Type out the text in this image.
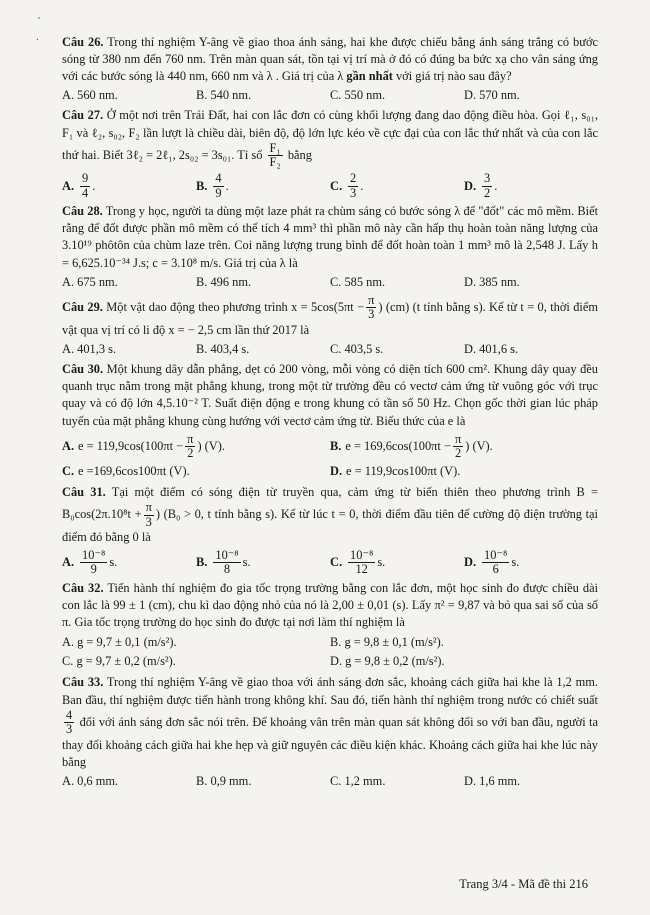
'
. Câu 26. Trong thí nghiệm Y-âng về giao thoa ánh sáng, hai khe được chiếu bằng ánh sáng trắng có bước sóng từ 380 nm đến 760 nm. Trên màn quan sát, tồn tại vị trí mà ở đó có đúng ba bức xạ cho vân sáng ứng với các bước sóng là 440 nm, 660 nm và λ . Giá trị của λ gần nhất với giá trị nào sau đây?

A. 560 nm.	B. 540 nm.	C. 550 nm.	D. 570 nm.

Câu 27. Ở một nơi trên Trái Đất, hai con lắc đơn có cùng khối lượng đang dao động điều hòa. Gọi ℓ₁, s₀₁, F₁ và ℓ₂, s₀₂, F₂ lần lượt là chiều dài, biên độ, độ lớn lực kéo về cực đại của con lắc thứ nhất và của con lắc thứ hai. Biết 3ℓ₂ = 2ℓ₁, 2s₀₂ = 3s₀₁. Tỉ số $\frac{\text{F₁}}{\text{F₂}}$ bằng

A. $\frac{9}{4}$ .	B. $\frac{4}{9}$ .	C. $\frac{2}{3}$ .	D. $\frac{3}{2}$ .

Câu 28. Trong y học, người ta dùng một laze phát ra chùm sáng có bước sóng λ để "đốt" các mô mềm. Biết rằng để đốt được phần mô mềm có thể tích 4 mm³ thì phần mô này cần hấp thụ hoàn toàn năng lượng của 3.10¹⁹ phôtôn của chùm laze trên. Coi năng lượng trung bình để đốt hoàn toàn 1 mm³ mô là 2,548 J. Lấy h = 6,625.10⁻³⁴ J.s; c = 3.10⁸ m/s. Giá trị của λ là

A. 675 nm.	B. 496 nm.	C. 585 nm.	D. 385 nm.

Câu 29. Một vật dao động theo phương trình $x = 5\cos(5\pi t - \frac{\pi}{3}$ ) (cm) (t tính bằng s). Kể từ t = 0, thời điểm vật qua vị trí có li độ x = − 2,5 cm lần thứ 2017 là

A. 401,3 s.	B. 403,4 s.	C. 403,5 s.	D. 401,6 s.

Câu 30. Một khung dây dẫn phẳng, dẹt có 200 vòng, mỗi vòng có diện tích 600 cm². Khung dây quay đều quanh trục nằm trong mặt phẳng khung, trong một từ trường đều có vectơ cảm ứng từ vuông góc với trục quay và có độ lớn 4,5.10⁻² T. Suất điện động e trong khung có tần số 50 Hz. Chọn gốc thời gian lúc pháp tuyến của mặt phẳng khung cùng hướng với vectơ cảm ứng từ. Biểu thức của e là

A. $e = 119,9\cos(100\pi t - \frac{\pi}{2}$ ) (V).	B. $e = 169,6\cos(100\pi t - \frac{\pi}{2}$ ) (V).
C. e =169,6cos100πt (V).	D. e = 119,9cos100πt (V).

Câu 31. Tại một điểm có sóng điện từ truyền qua, cảm ứng từ biến thiên theo phương trình $B = B_0\cos(2\pi.10^8t + \frac{\pi}{3}$ ) (B₀ > 0, t tính bằng s). Kể từ lúc t = 0, thời điểm đầu tiên để cường độ điện trường tại điểm đó bằng 0 là

A. $\frac{\text{10⁻⁸}}{9} s$.	B. $\frac{\text{10⁻⁸}}{8} s$.	C. $\frac{\text{10⁻⁸}}{12} s$.	D. $\frac{\text{10⁻⁸}}{6} s$.

Câu 32. Tiến hành thí nghiệm đo gia tốc trọng trường bằng con lắc đơn, một học sinh đo được chiều dài con lắc là 99 ± 1 (cm), chu kì dao động nhỏ của nó là 2,00 ± 0,01 (s). Lấy π² = 9,87 và bỏ qua sai số của số π. Gia tốc trọng trường do học sinh đo được tại nơi làm thí nghiệm là

A. g = 9,7 ± 0,1 (m/s²).	B. g = 9,8 ± 0,1 (m/s²).
C. g = 9,7 ± 0,2 (m/s²).	D. g = 9,8 ± 0,2 (m/s²).

Câu 33. Trong thí nghiệm Y-âng về giao thoa với ánh sáng đơn sắc, khoảng cách giữa hai khe là 1,2 mm. Ban đầu, thí nghiệm được tiến hành trong không khí. Sau đó, tiến hành thí nghiệm trong nước có chiết suất
$\frac{4}{3}$ đối với ánh sáng đơn sắc nói trên. Để khoảng vân trên màn quan sát không đổi so với ban đầu, người ta thay đổi khoảng cách giữa hai khe hẹp và giữ nguyên các điều kiện khác. Khoảng cách giữa hai khe lúc này bằng

A. 0,6 mm.	B. 0,9 mm.	C. 1,2 mm.	D. 1,6 mm.
Trang 3/4 - Mã đề thi 216
